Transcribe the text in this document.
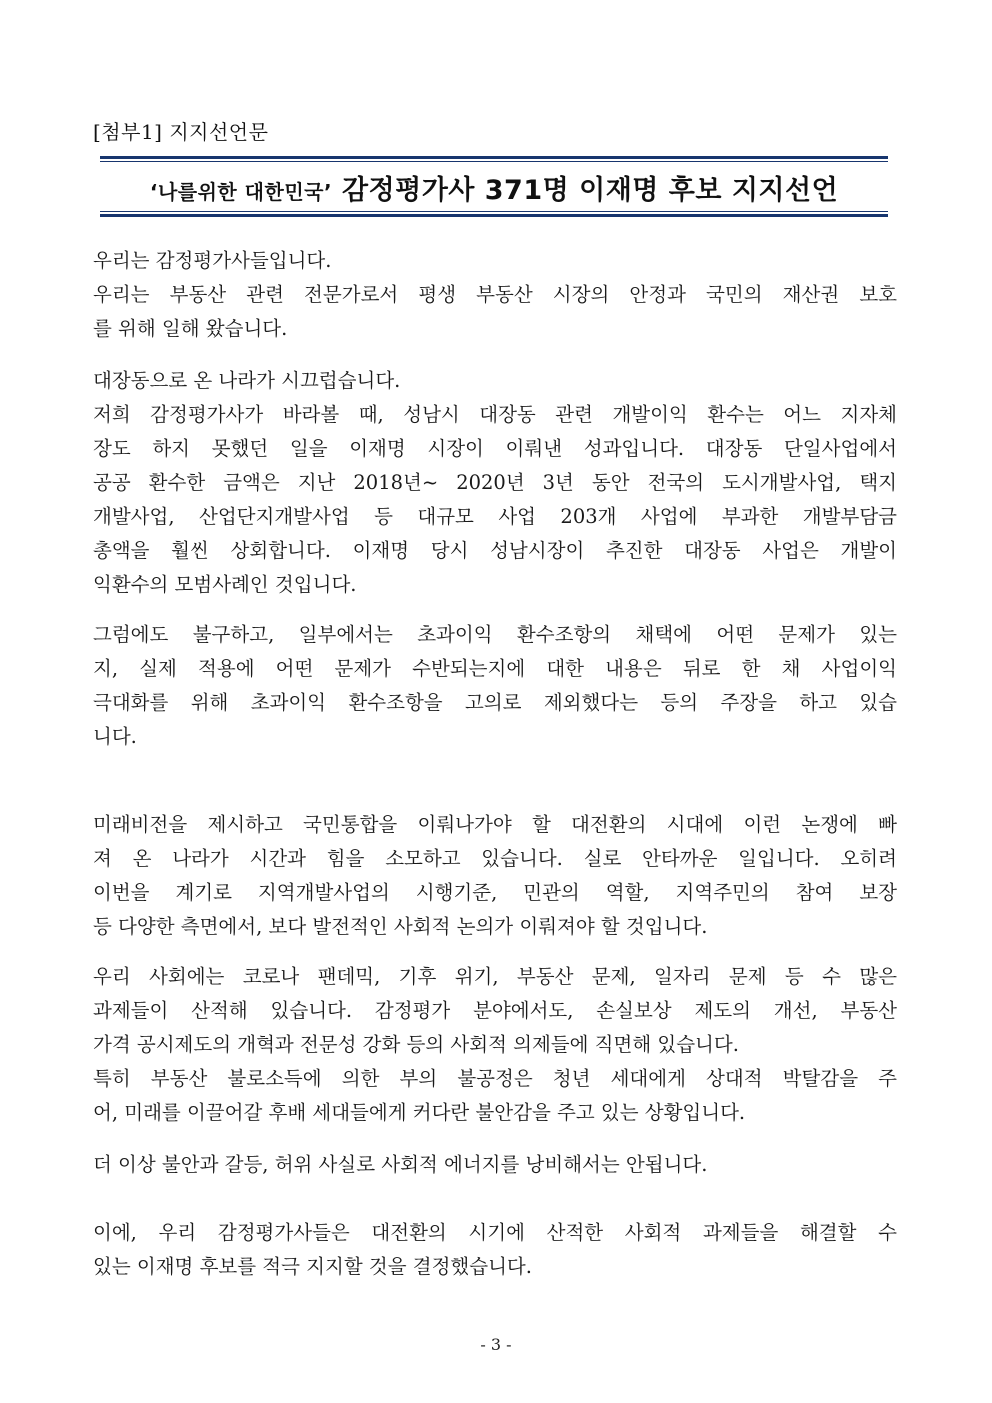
[첨부1] 지지선언문
‘나를위한 대한민국’ 감정평가사 371명 이재명 후보 지지선언
우리는 감정평가사들입니다.
우리는 부동산 관련 전문가로서 평생 부동산 시장의 안정과 국민의 재산권 보호
를 위해 일해 왔습니다.
대장동으로 온 나라가 시끄럽습니다.
저희 감정평가사가 바라볼 때, 성남시 대장동 관련 개발이익 환수는 어느 지자체
장도 하지 못했던 일을 이재명 시장이 이뤄낸 성과입니다. 대장동 단일사업에서
공공 환수한 금액은 지난 2018년~ 2020년 3년 동안 전국의 도시개발사업, 택지
개발사업, 산업단지개발사업 등 대규모 사업 203개 사업에 부과한 개발부담금
총액을 훨씬 상회합니다. 이재명 당시 성남시장이 추진한 대장동 사업은 개발이
익환수의 모범사례인 것입니다.
그럼에도 불구하고, 일부에서는 초과이익 환수조항의 채택에 어떤 문제가 있는
지, 실제 적용에 어떤 문제가 수반되는지에 대한 내용은 뒤로 한 채 사업이익
극대화를 위해 초과이익 환수조항을 고의로 제외했다는 등의 주장을 하고 있습
니다.
미래비전을 제시하고 국민통합을 이뤄나가야 할 대전환의 시대에 이런 논쟁에 빠
져 온 나라가 시간과 힘을 소모하고 있습니다. 실로 안타까운 일입니다. 오히려
이번을 계기로 지역개발사업의 시행기준, 민관의 역할, 지역주민의 참여 보장
등 다양한 측면에서, 보다 발전적인 사회적 논의가 이뤄져야 할 것입니다.
우리 사회에는 코로나 팬데믹, 기후 위기, 부동산 문제, 일자리 문제 등 수 많은
과제들이 산적해 있습니다. 감정평가 분야에서도, 손실보상 제도의 개선, 부동산
가격 공시제도의 개혁과 전문성 강화 등의 사회적 의제들에 직면해 있습니다.
특히 부동산 불로소득에 의한 부의 불공정은 청년 세대에게 상대적 박탈감을 주
어, 미래를 이끌어갈 후배 세대들에게 커다란 불안감을 주고 있는 상황입니다.
더 이상 불안과 갈등, 허위 사실로 사회적 에너지를 낭비해서는 안됩니다.
이에, 우리 감정평가사들은 대전환의 시기에 산적한 사회적 과제들을 해결할 수
있는 이재명 후보를 적극 지지할 것을 결정했습니다.
- 3 -
